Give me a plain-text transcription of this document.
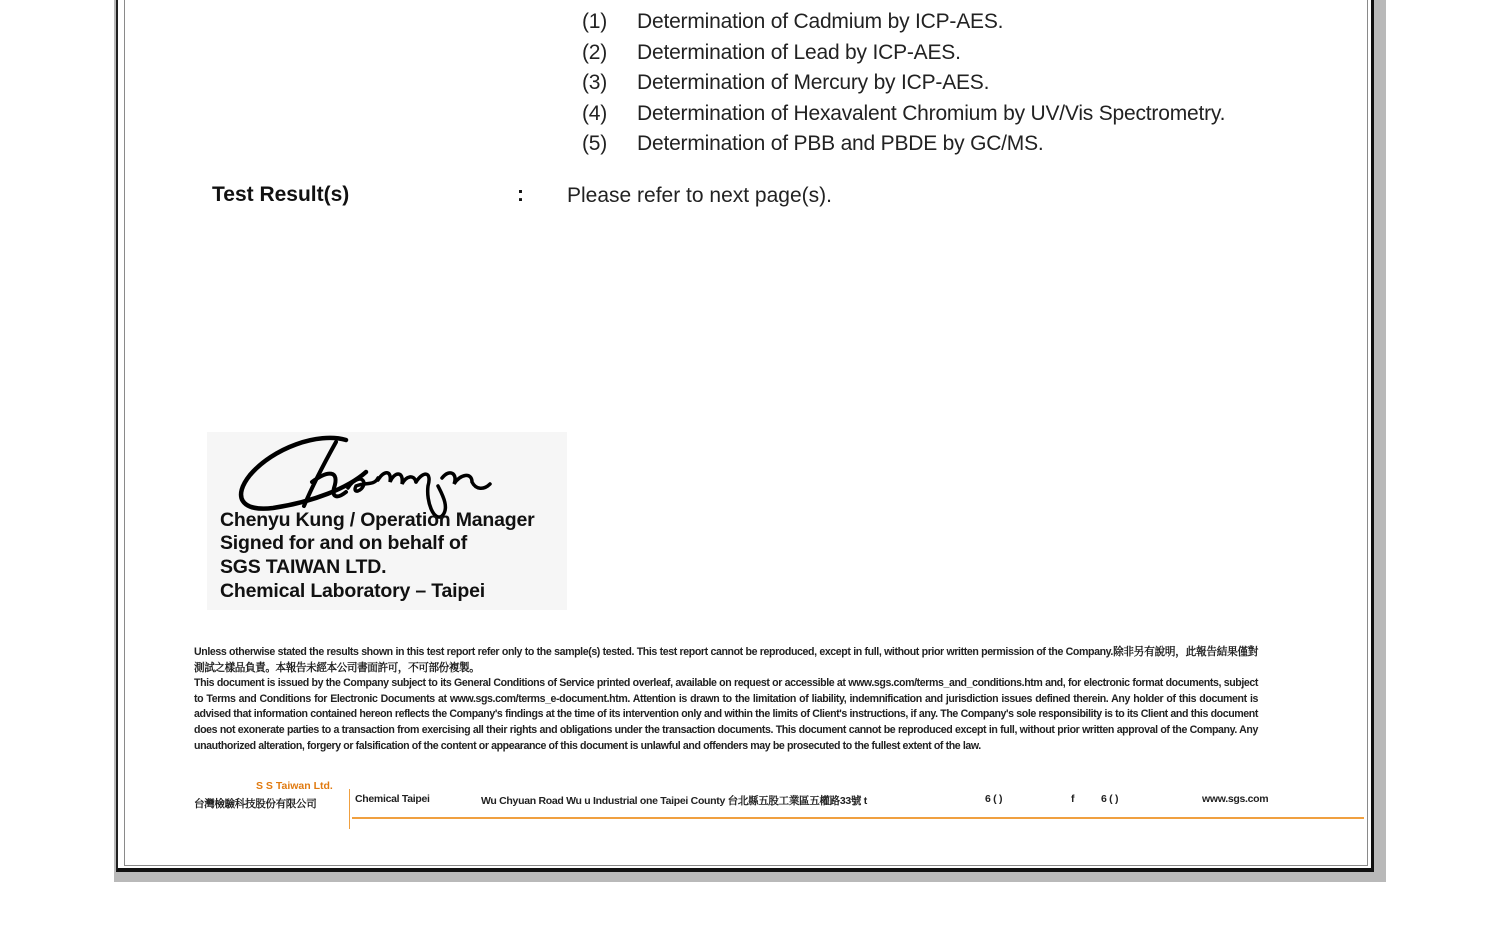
(1) Determination of Cadmium by ICP-AES.
(2) Determination of Lead by ICP-AES.
(3) Determination of Mercury by ICP-AES.
(4) Determination of Hexavalent Chromium by UV/Vis Spectrometry.
(5) Determination of PBB and PBDE by GC/MS.
Test Result(s)	: Please refer to next page(s).
Chenyu Kung / Operation Manager
Signed for and on behalf of
SGS TAIWAN LTD.
Chemical Laboratory – Taipei

Unless otherwise stated the results shown in this test report refer only to the sample(s) tested. This test report cannot be reproduced, except in full, without prior written permission of the Company.除非另有說明，此報告結果僅對測試之樣品負責。本報告未經本公司書面許可，不可部份複製。

This document is issued by the Company subject to its General Conditions of Service printed overleaf, available on request or accessible at www.sgs.com/terms_and_conditions.htm and, for electronic format documents, subject to Terms and Conditions for Electronic Documents at www.sgs.com/terms_e-document.htm. Attention is drawn to the limitation of liability, indemnification and jurisdiction issues defined therein. Any holder of this document is advised that information contained hereon reflects the Company's findings at the time of its intervention only and within the limits of Client's instructions, if any. The Company's sole responsibility is to its Client and this document does not exonerate parties to a transaction from exercising all their rights and obligations under the transaction documents. This document cannot be reproduced except in full, without prior written approval of the Company. Any unauthorized alteration, forgery or falsification of the content or appearance of this document is unlawful and offenders may be prosecuted to the fullest extent of the law.

S S Taiwan Ltd.
台灣檢驗科技股份有限公司	Chemical Taipei	Wu Chyuan Road Wu u Industrial one Taipei County 台北縣五股工業區五權路33號 t	6 ( )	f	6 ( )	www.sgs.com
